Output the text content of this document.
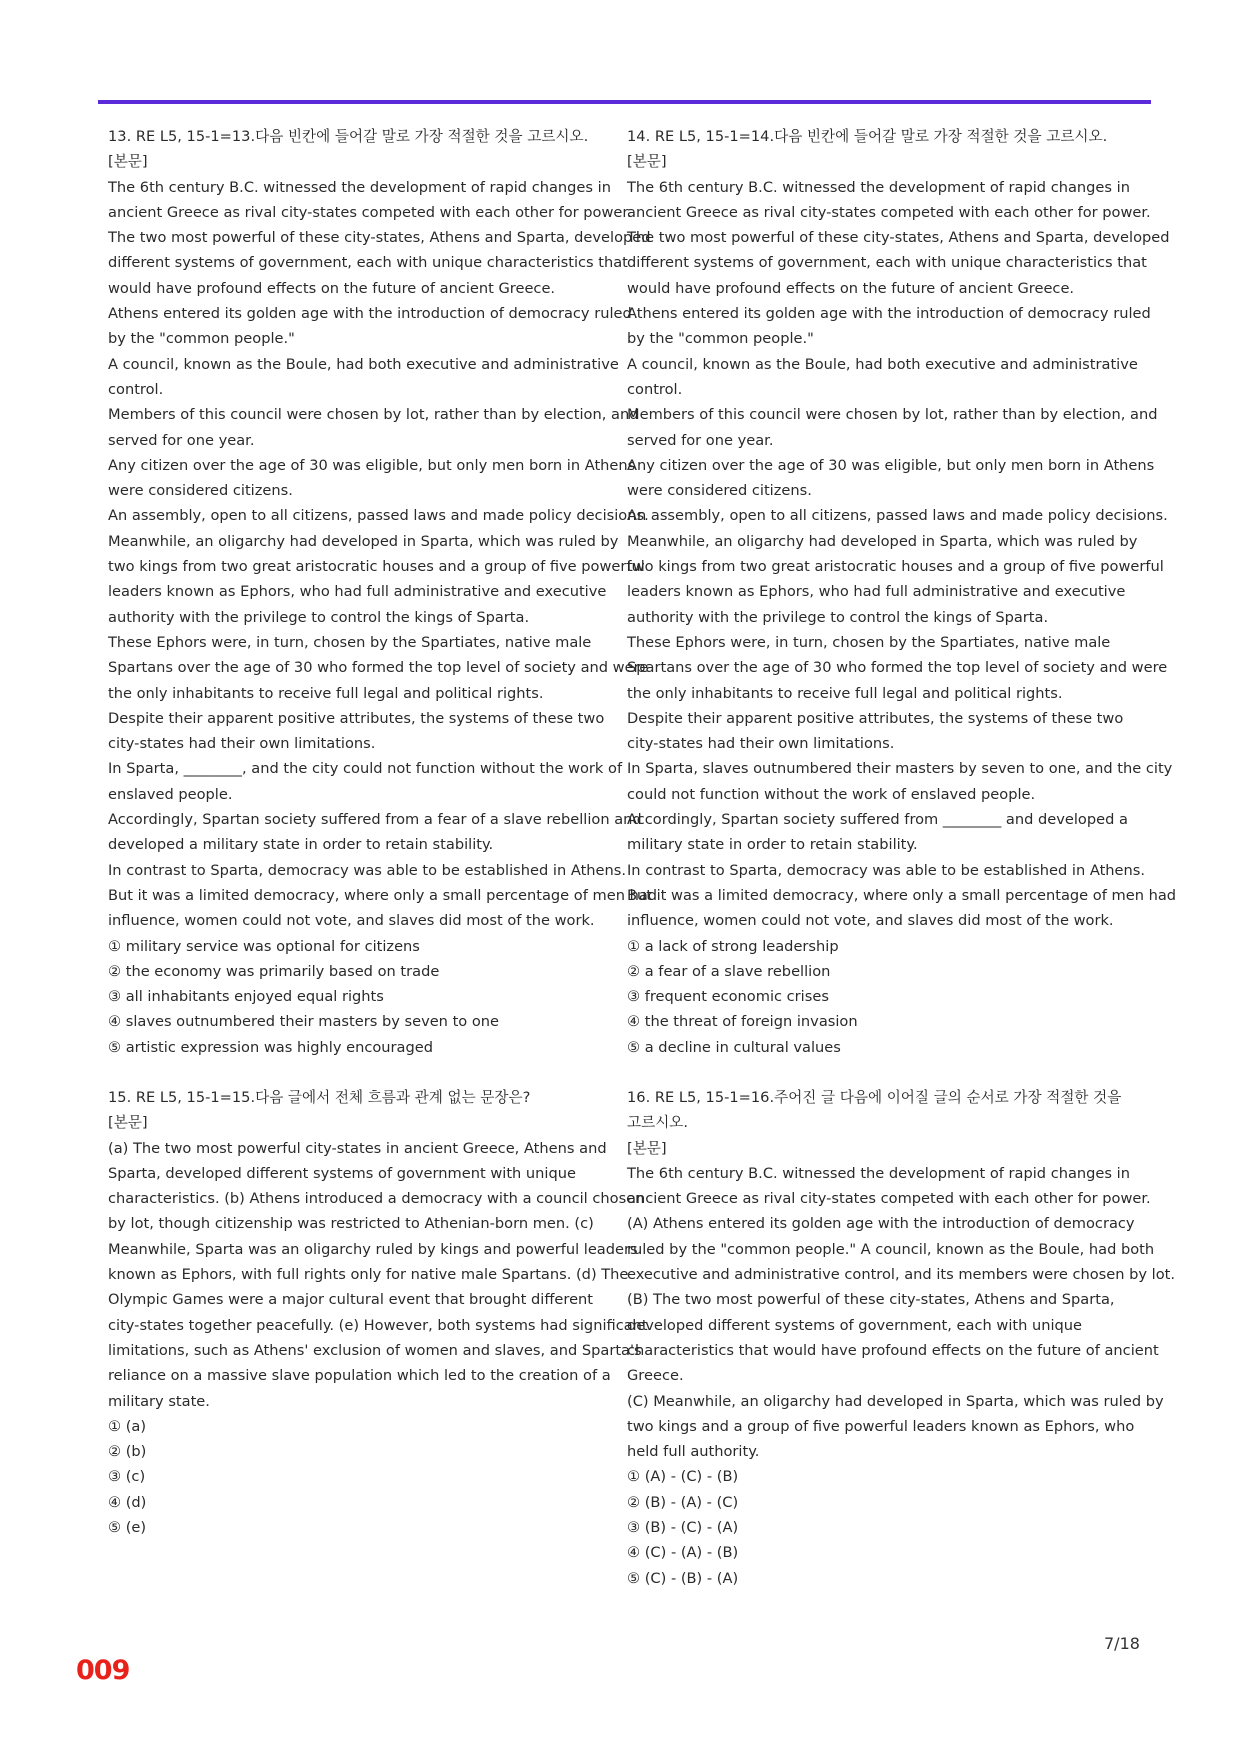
13. RE L5, 15-1=13.다음 빈칸에 들어갈 말로 가장 적절한 것을 고르시오.
[본문]
The 6th century B.C. witnessed the development of rapid changes in
ancient Greece as rival city-states competed with each other for power.
The two most powerful of these city-states, Athens and Sparta, developed
different systems of government, each with unique characteristics that
would have profound effects on the future of ancient Greece.
Athens entered its golden age with the introduction of democracy ruled
by the "common people."
A council, known as the Boule, had both executive and administrative
control.
Members of this council were chosen by lot, rather than by election, and
served for one year.
Any citizen over the age of 30 was eligible, but only men born in Athens
were considered citizens.
An assembly, open to all citizens, passed laws and made policy decisions.
Meanwhile, an oligarchy had developed in Sparta, which was ruled by
two kings from two great aristocratic houses and a group of five powerful
leaders known as Ephors, who had full administrative and executive
authority with the privilege to control the kings of Sparta.
These Ephors were, in turn, chosen by the Spartiates, native male
Spartans over the age of 30 who formed the top level of society and were
the only inhabitants to receive full legal and political rights.
Despite their apparent positive attributes, the systems of these two
city-states had their own limitations.
In Sparta, ________, and the city could not function without the work of
enslaved people.
Accordingly, Spartan society suffered from a fear of a slave rebellion and
developed a military state in order to retain stability.
In contrast to Sparta, democracy was able to be established in Athens.
But it was a limited democracy, where only a small percentage of men had
influence, women could not vote, and slaves did most of the work.
① military service was optional for citizens
② the economy was primarily based on trade
③ all inhabitants enjoyed equal rights
④ slaves outnumbered their masters by seven to one
⑤ artistic expression was highly encouraged
15. RE L5, 15-1=15.다음 글에서 전체 흐름과 관계 없는 문장은?
[본문]
(a) The two most powerful city-states in ancient Greece, Athens and
Sparta, developed different systems of government with unique
characteristics. (b) Athens introduced a democracy with a council chosen
by lot, though citizenship was restricted to Athenian-born men. (c)
Meanwhile, Sparta was an oligarchy ruled by kings and powerful leaders
known as Ephors, with full rights only for native male Spartans. (d) The
Olympic Games were a major cultural event that brought different
city-states together peacefully. (e) However, both systems had significant
limitations, such as Athens' exclusion of women and slaves, and Sparta's
reliance on a massive slave population which led to the creation of a
military state.
① (a)
② (b)
③ (c)
④ (d)
⑤ (e)
14. RE L5, 15-1=14.다음 빈칸에 들어갈 말로 가장 적절한 것을 고르시오.
[본문]
The 6th century B.C. witnessed the development of rapid changes in
ancient Greece as rival city-states competed with each other for power.
The two most powerful of these city-states, Athens and Sparta, developed
different systems of government, each with unique characteristics that
would have profound effects on the future of ancient Greece.
Athens entered its golden age with the introduction of democracy ruled
by the "common people."
A council, known as the Boule, had both executive and administrative
control.
Members of this council were chosen by lot, rather than by election, and
served for one year.
Any citizen over the age of 30 was eligible, but only men born in Athens
were considered citizens.
An assembly, open to all citizens, passed laws and made policy decisions.
Meanwhile, an oligarchy had developed in Sparta, which was ruled by
two kings from two great aristocratic houses and a group of five powerful
leaders known as Ephors, who had full administrative and executive
authority with the privilege to control the kings of Sparta.
These Ephors were, in turn, chosen by the Spartiates, native male
Spartans over the age of 30 who formed the top level of society and were
the only inhabitants to receive full legal and political rights.
Despite their apparent positive attributes, the systems of these two
city-states had their own limitations.
In Sparta, slaves outnumbered their masters by seven to one, and the city
could not function without the work of enslaved people.
Accordingly, Spartan society suffered from ________ and developed a
military state in order to retain stability.
In contrast to Sparta, democracy was able to be established in Athens.
But it was a limited democracy, where only a small percentage of men had
influence, women could not vote, and slaves did most of the work.
① a lack of strong leadership
② a fear of a slave rebellion
③ frequent economic crises
④ the threat of foreign invasion
⑤ a decline in cultural values
16. RE L5, 15-1=16.주어진 글 다음에 이어질 글의 순서로 가장 적절한 것을
고르시오.
[본문]
The 6th century B.C. witnessed the development of rapid changes in
ancient Greece as rival city-states competed with each other for power.
(A) Athens entered its golden age with the introduction of democracy
ruled by the "common people." A council, known as the Boule, had both
executive and administrative control, and its members were chosen by lot.
(B) The two most powerful of these city-states, Athens and Sparta,
developed different systems of government, each with unique
characteristics that would have profound effects on the future of ancient
Greece.
(C) Meanwhile, an oligarchy had developed in Sparta, which was ruled by
two kings and a group of five powerful leaders known as Ephors, who
held full authority.
① (A) - (C) - (B)
② (B) - (A) - (C)
③ (B) - (C) - (A)
④ (C) - (A) - (B)
⑤ (C) - (B) - (A)
7/18
009
